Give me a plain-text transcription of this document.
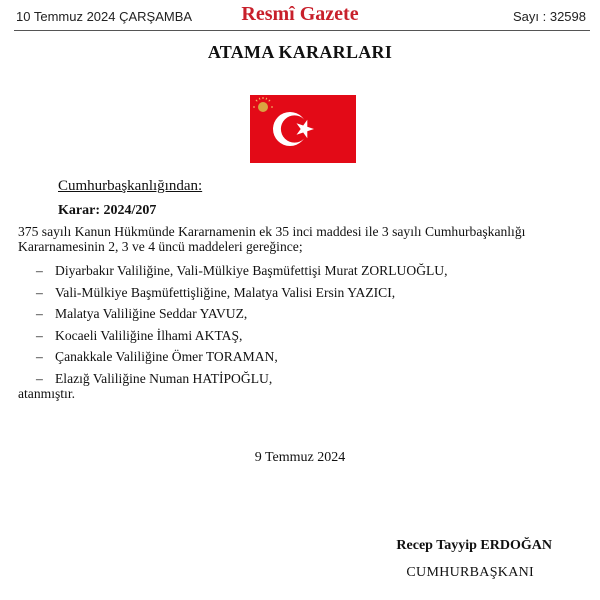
10 Temmuz 2024 ÇARŞAMBA	Resmî Gazete	Sayı : 32598
ATAMA KARARLARI
Cumhurbaşkanlığından:
Karar: 2024/207
375 sayılı Kanun Hükmünde Kararnamenin ek 35 inci maddesi ile 3 sayılı Cumhurbaşkanlığı Kararnamesinin 2, 3 ve 4 üncü maddeleri gereğince;
– Diyarbakır Valiliğine, Vali-Mülkiye Başmüfettişi Murat ZORLUOĞLU,
– Vali-Mülkiye Başmüfettişliğine, Malatya Valisi Ersin YAZICI,
– Malatya Valiliğine Seddar YAVUZ,
– Kocaeli Valiliğine İlhami AKTAŞ,
– Çanakkale Valiliğine Ömer TORAMAN,
– Elazığ Valiliğine Numan HATİPOĞLU,
atanmıştır.
9 Temmuz 2024
Recep Tayyip ERDOĞAN
CUMHURBAŞKANI
